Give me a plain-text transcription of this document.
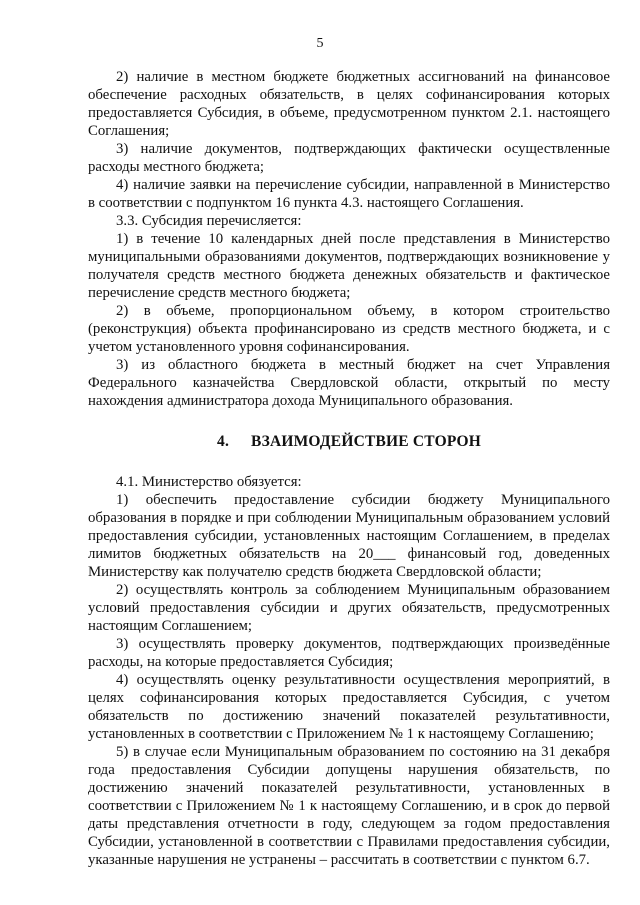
5

2) наличие в местном бюджете бюджетных ассигнований на финансовое обеспечение расходных обязательств, в целях софинансирования которых предоставляется Субсидия, в объеме, предусмотренном пунктом 2.1. настоящего Соглашения;

3) наличие документов, подтверждающих фактически осуществленные расходы местного бюджета;

4) наличие заявки на перечисление субсидии, направленной в Министерство в соответствии с подпунктом 16 пункта 4.3. настоящего Соглашения.

3.3. Субсидия перечисляется:

1) в течение 10 календарных дней после представления в Министерство муниципальными образованиями документов, подтверждающих возникновение у получателя средств местного бюджета денежных обязательств и фактическое перечисление средств местного бюджета;

2) в объеме, пропорциональном объему, в котором строительство (реконструкция) объекта профинансировано из средств местного бюджета, и с учетом установленного уровня софинансирования.

3) из областного бюджета в местный бюджет на счет Управления Федерального казначейства Свердловской области, открытый по месту нахождения администратора дохода Муниципального образования.

4. ВЗАИМОДЕЙСТВИЕ СТОРОН

4.1. Министерство обязуется:

1) обеспечить предоставление субсидии бюджету Муниципального образования в порядке и при соблюдении Муниципальным образованием условий предоставления субсидии, установленных настоящим Соглашением, в пределах лимитов бюджетных обязательств на 20___ финансовый год, доведенных Министерству как получателю средств бюджета Свердловской области;

2) осуществлять контроль за соблюдением Муниципальным образованием условий предоставления субсидии и других обязательств, предусмотренных настоящим Соглашением;

3) осуществлять проверку документов, подтверждающих произведённые расходы, на которые предоставляется Субсидия;

4) осуществлять оценку результативности осуществления мероприятий, в целях софинансирования которых предоставляется Субсидия, с учетом обязательств по достижению значений показателей результативности, установленных в соответствии с Приложением № 1 к настоящему Соглашению;

5) в случае если Муниципальным образованием по состоянию на 31 декабря года предоставления Субсидии допущены нарушения обязательств, по достижению значений показателей результативности, установленных в соответствии с Приложением № 1 к настоящему Соглашению, и в срок до первой даты представления отчетности в году, следующем за годом предоставления Субсидии, установленной в соответствии с Правилами предоставления субсидии, указанные нарушения не устранены – рассчитать в соответствии с пунктом 6.7.
